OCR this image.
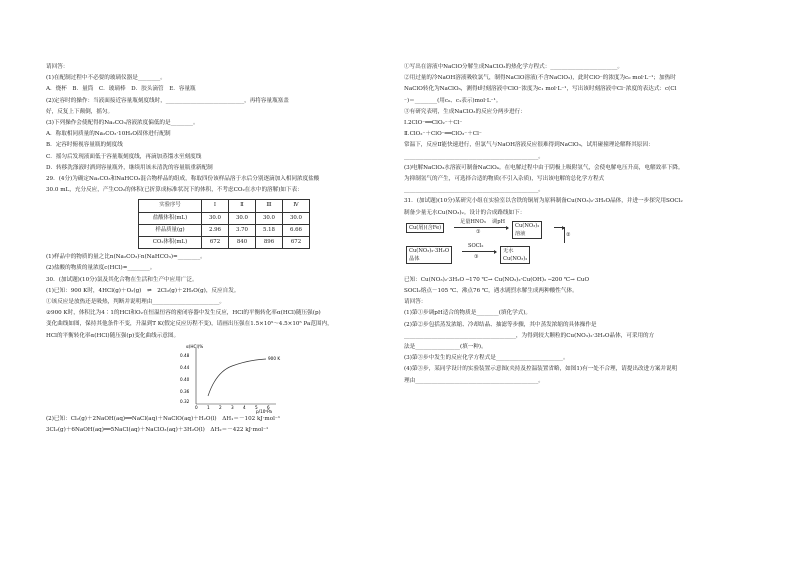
请回答：
(1)在配制过程中不必要的玻璃仪器是________。
A．烧杯　B．量筒　C．玻璃棒　D．胶头滴管　E．容量瓶
(2)定容时的操作：当液面接近容量瓶刻度线时，____________________________，再将容量瓶塞盖
好，反复上下颠倒，摇匀。
(3)下列操作会使配得的Na₂CO₃溶液浓度偏低的是________。
A．称取相同质量的Na₂CO₃·10H₂O固体进行配制
B．定容时俯视容量瓶的刻度线
C．摇匀后发现液面低于容量瓶刻度线，再滴加蒸馏水至刻度线
D．转移洗涤液时洒到容量瓶外，继续用该未清洗的容量瓶重新配制
29．(4分)为确定Na₂CO₃和NaHCO₃混合物样品的组成，称取四份该样品溶于水后分别逐滴加入相同浓度盐酸
30.0 mL，充分反应，产生CO₂的体积(已折算成标准状况下的体积，不考虑CO₂在水中的溶解)如下表：
实验序号	Ⅰ	Ⅱ	Ⅲ	Ⅳ
盐酸体积(mL)	30.0	30.0	30.0	30.0
样品质量(g)	2.96	3.70	5.18	6.66
CO₂体积(mL)	672	840	896	672
(1)样品中的物质的量之比n(Na₂CO₃)∶n(NaHCO₃)=________。
(2)盐酸的物质的量浓度c(HCl)=________。
30．(加试题)(10分)氯及其化合物在生活和生产中应用广泛。
(1)已知：900 K时，4HCl(g)＋O₂(g)　⇌　2Cl₂(g)＋2H₂O(g)，反应自发。
①该反应是放热还是吸热，判断并说明理由________________________。
②900 K时，体积比为4∶1的HCl和O₂在恒温恒容的密闭容器中发生反应，HCl的平衡转化率α(HCl)随压强(p)
变化曲线如图，保持其他条件不变，升温到T K(假定反应历程不变)，请画出压强在1.5×10⁵～4.5×10⁵ Pa范围内，
HCl的平衡转化率α(HCl)随压强(p)变化曲线示意图。
α(HCl)%
0.48
0.44
0.40
0.36
0.32
0 1 2 3 4 5 6
p/10⁵Pa
900 K
(2)已知：Cl₂(g)＋2NaOH(aq)══NaCl(aq)＋NaClO(aq)＋H₂O(l)　ΔH₁＝－102 kJ·mol⁻¹
3Cl₂(g)＋6NaOH(aq)══5NaCl(aq)＋NaClO₃(aq)＋3H₂O(l)　ΔH₂＝－422 kJ·mol⁻¹
①写出在溶液中NaClO分解生成NaClO₃的热化学方程式：________________________。
②用过量的冷NaOH溶液吸收氯气，制得NaClO溶液(不含NaClO₃)，此时ClO⁻的浓度为c₀ mol·L⁻¹；加热时
NaClO转化为NaClO₃，测得t时刻溶液中ClO⁻浓度为c₁ mol·L⁻¹，写出该时刻溶液中Cl⁻浓度的表达式：c(Cl
⁻)＝________(用c₀、c₁表示)mol·L⁻¹。
③有研究表明，生成NaClO₃的反应分两步进行：
Ⅰ.2ClO⁻══ClO₂⁻＋Cl⁻
Ⅱ.ClO₂⁻＋ClO⁻══ClO₃⁻＋Cl⁻
常温下，反应Ⅱ能快速进行，但氯气与NaOH溶液反应很难得到NaClO₃，试用碰撞理论解释其原因：
________________________________________________。
(3)电解NaClO₃水溶液可制备NaClO₄。在电解过程中由于阴极上吸附氢气，会使电解电压升高，电解效率下降。
为抑制氢气的产生，可选择合适的物质(不引入杂质)，写出该电解的总化学方程式
________________________________________________。
31．(加试题)(10分)某研究小组在实验室以含铁的铜屑为原料制备Cu(NO₃)₂·3H₂O晶体，并进一步探究用SOCl₂
制备少量无水Cu(NO₃)₂。设计的合成路线如下：
Cu(屑)(含Fe)
足量HNO₃ 调pH
①
Cu(NO₃)₂
溶液	②
Cu(NO₃)₂·3H₂O
晶体
SOCl₂
③
无水
Cu(NO₃)₂
已知：Cu(NO₃)₂·3H₂O ─170 ℃→ Cu(NO₃)₂·Cu(OH)₂ ─200 ℃→ CuO
SOCl₂熔点－105 ℃、沸点76 ℃，遇水剧烈水解生成两种酸性气体。
请回答：
(1)第①步调pH适合的物质是________(填化学式)。
(2)第②步包括蒸发浓缩、冷却结晶、抽滤等步骤，其中蒸发浓缩的具体操作是
________________________________________，为得到较大颗粒的Cu(NO₃)₂·3H₂O晶体，可采用的方
法是________________(填一种)。
(3)第③步中发生的反应化学方程式是________________________。
(4)第③步，某同学设计的实验装置示意图(夹持及控温装置省略，如图1)有一处不合理，请提出改进方案并说明
理由____________________________________________。
